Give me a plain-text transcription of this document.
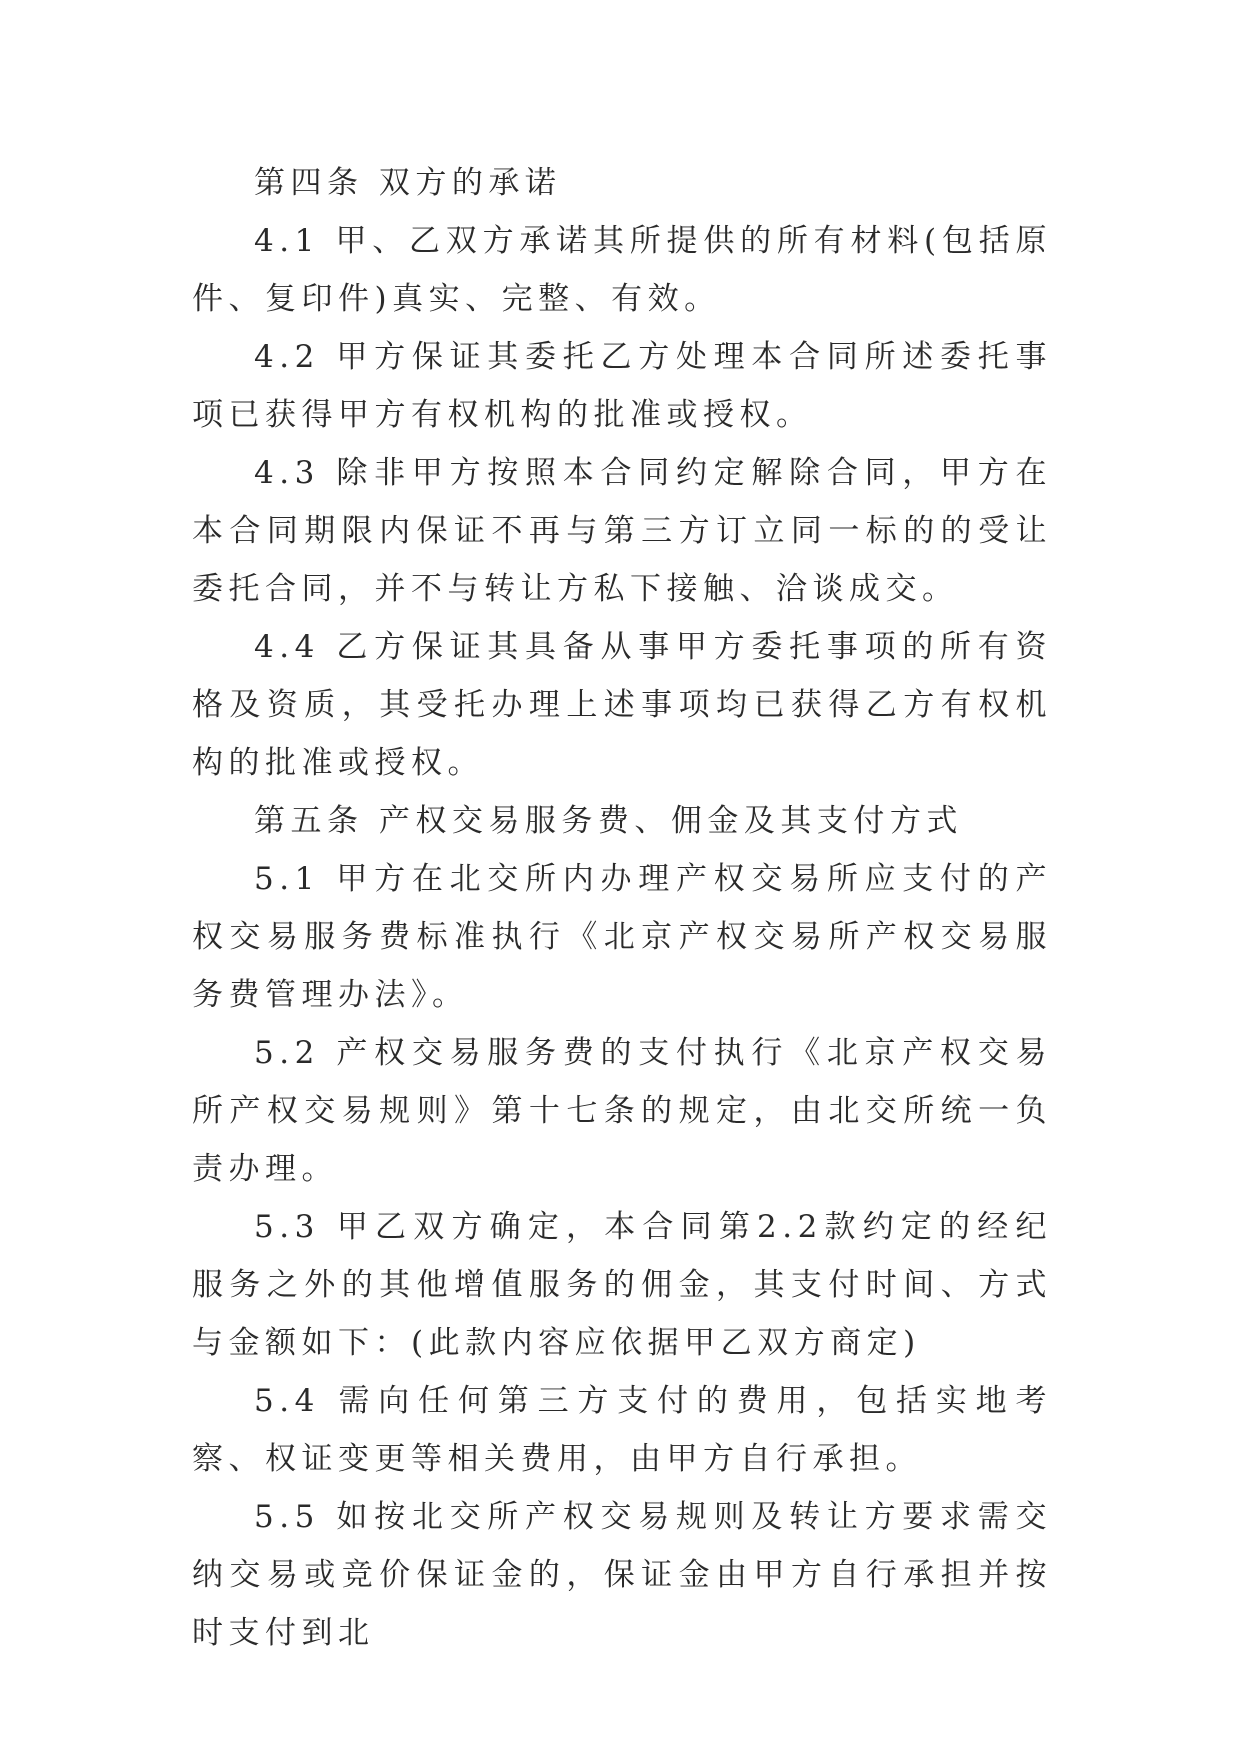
第四条 双方的承诺

4.1 甲、乙双方承诺其所提供的所有材料(包括原件、复印件)真实、完整、有效。

4.2 甲方保证其委托乙方处理本合同所述委托事项已获得甲方有权机构的批准或授权。

4.3 除非甲方按照本合同约定解除合同，甲方在本合同期限内保证不再与第三方订立同一标的的受让委托合同，并不与转让方私下接触、洽谈成交。

4.4 乙方保证其具备从事甲方委托事项的所有资格及资质，其受托办理上述事项均已获得乙方有权机构的批准或授权。

第五条 产权交易服务费、佣金及其支付方式

5.1 甲方在北交所内办理产权交易所应支付的产权交易服务费标准执行《北京产权交易所产权交易服务费管理办法》。

5.2 产权交易服务费的支付执行《北京产权交易所产权交易规则》第十七条的规定，由北交所统一负责办理。

5.3 甲乙双方确定，本合同第2.2款约定的经纪服务之外的其他增值服务的佣金，其支付时间、方式与金额如下：(此款内容应依据甲乙双方商定)

5.4 需向任何第三方支付的费用，包括实地考察、权证变更等相关费用，由甲方自行承担。

5.5 如按北交所产权交易规则及转让方要求需交纳交易或竞价保证金的，保证金由甲方自行承担并按时支付到北
